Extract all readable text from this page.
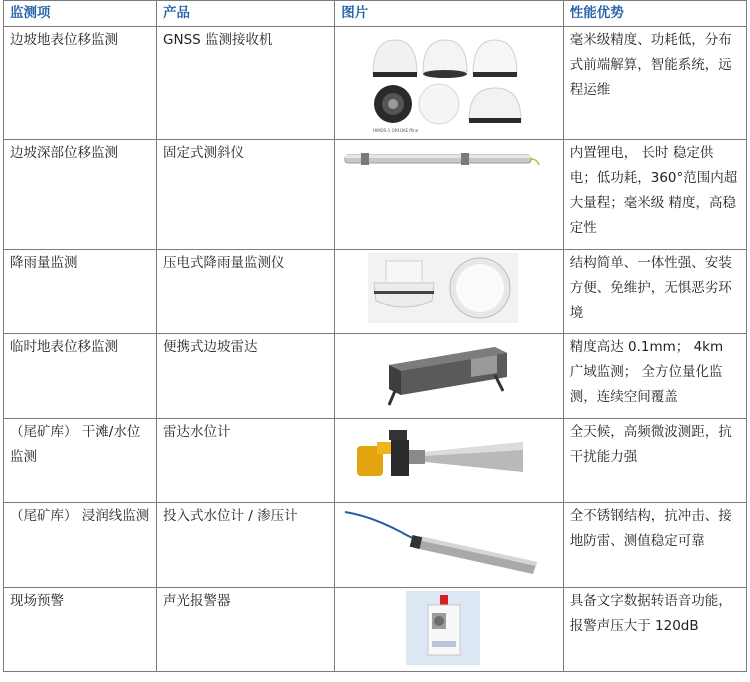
监测项	产品	图片	性能优势
边坡地表位移监测	GNSS 监测接收机	HIMOS-1 OP4OAE ffine	毫米级精度、功耗低，分布式前端解算，智能系统，远程运维
边坡深部位移监测	固定式测斜仪		内置锂电， 长时 稳定供电；低功耗，360°范围内超大量程；毫米级 精度，高稳定性
降雨量监测	压电式降雨量监测仪		结构简单、一体性强、安装方便、免维护，无惧恶劣环境
临时地表位移监测	便携式边坡雷达		精度高达 0.1mm； 4km 广域监测； 全方位量化监测，连续空间覆盖
（尾矿库） 干滩/水位监测	雷达水位计		全天候，高频微波测距，抗干扰能力强
（尾矿库） 浸润线监测	投入式水位计 / 渗压计		全不锈钢结构，抗冲击、接地防雷、测值稳定可靠
现场预警	声光报警器		具备文字数据转语音功能，报警声压大于 120dB
